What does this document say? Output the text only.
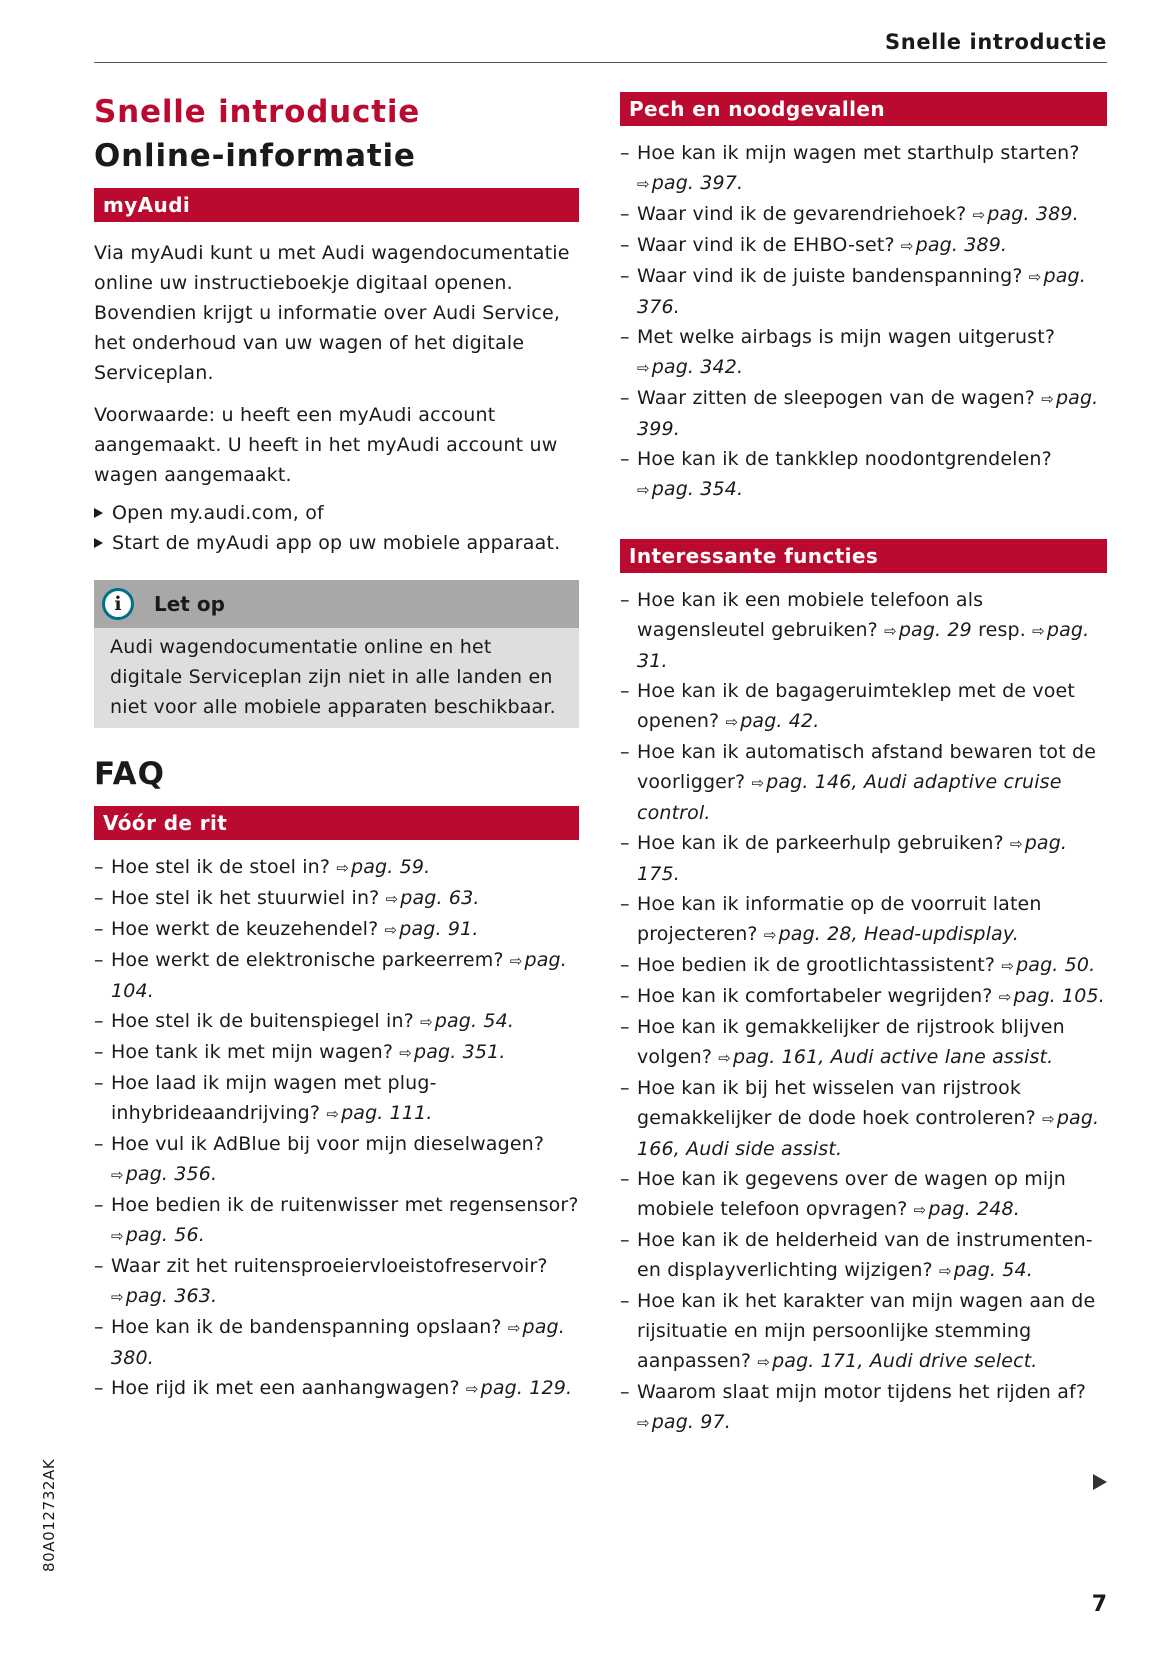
Snelle introductie
Snelle introductie
Online-informatie
myAudi

Via myAudi kunt u met Audi wagendocumentatie online uw instructieboekje digitaal openen. Bovendien krijgt u informatie over Audi Service, het onderhoud van uw wagen of het digitale Serviceplan.

Voorwaarde: u heeft een myAudi account aangemaakt. U heeft in het myAudi account uw wagen aangemaakt.

Open my.audi.com, of
Start de myAudi app op uw mobiele apparaat.
i	Let op
Audi wagendocumentatie online en het digitale Serviceplan zijn niet in alle landen en niet voor alle mobiele apparaten beschikbaar.
FAQ
Vóór de rit
– Hoe stel ik de stoel in? ⇨ pag. 59.
– Hoe stel ik het stuurwiel in? ⇨ pag. 63.
– Hoe werkt de keuzehendel? ⇨ pag. 91.
– Hoe werkt de elektronische parkeerrem? ⇨ pag. 104.
– Hoe stel ik de buitenspiegel in? ⇨ pag. 54.
– Hoe tank ik met mijn wagen? ⇨ pag. 351.
– Hoe laad ik mijn wagen met plug-inhybrideaandrijving? ⇨ pag. 111.
– Hoe vul ik AdBlue bij voor mijn dieselwagen? ⇨ pag. 356.
– Hoe bedien ik de ruitenwisser met regensensor? ⇨ pag. 56.
– Waar zit het ruitensproeiervloeistofreservoir? ⇨ pag. 363.
– Hoe kan ik de bandenspanning opslaan? ⇨ pag. 380.
– Hoe rijd ik met een aanhangwagen? ⇨ pag. 129.
Pech en noodgevallen
– Hoe kan ik mijn wagen met starthulp starten? ⇨ pag. 397.
– Waar vind ik de gevarendriehoek? ⇨ pag. 389.
– Waar vind ik de EHBO-set? ⇨ pag. 389.
– Waar vind ik de juiste bandenspanning? ⇨ pag. 376.
– Met welke airbags is mijn wagen uitgerust? ⇨ pag. 342.
– Waar zitten de sleepogen van de wagen? ⇨ pag. 399.
– Hoe kan ik de tankklep noodontgrendelen? ⇨ pag. 354.
Interessante functies
– Hoe kan ik een mobiele telefoon als wagensleutel gebruiken? ⇨ pag. 29 resp. ⇨ pag. 31.
– Hoe kan ik de bagageruimteklep met de voet openen? ⇨ pag. 42.
– Hoe kan ik automatisch afstand bewaren tot de voorligger? ⇨ pag. 146, Audi adaptive cruise control.
– Hoe kan ik de parkeerhulp gebruiken? ⇨ pag. 175.
– Hoe kan ik informatie op de voorruit laten projecteren? ⇨ pag. 28, Head-updisplay.
– Hoe bedien ik de grootlichtassistent? ⇨ pag. 50.
– Hoe kan ik comfortabeler wegrijden? ⇨ pag. 105.
– Hoe kan ik gemakkelijker de rijstrook blijven volgen? ⇨ pag. 161, Audi active lane assist.
– Hoe kan ik bij het wisselen van rijstrook gemakkelijker de dode hoek controleren? ⇨ pag. 166, Audi side assist.
– Hoe kan ik gegevens over de wagen op mijn mobiele telefoon opvragen? ⇨ pag. 248.
– Hoe kan ik de helderheid van de instrumenten- en displayverlichting wijzigen? ⇨ pag. 54.
– Hoe kan ik het karakter van mijn wagen aan de rijsituatie en mijn persoonlijke stemming aanpassen? ⇨ pag. 171, Audi drive select.
– Waarom slaat mijn motor tijdens het rijden af? ⇨ pag. 97.
80A012732AK
7
